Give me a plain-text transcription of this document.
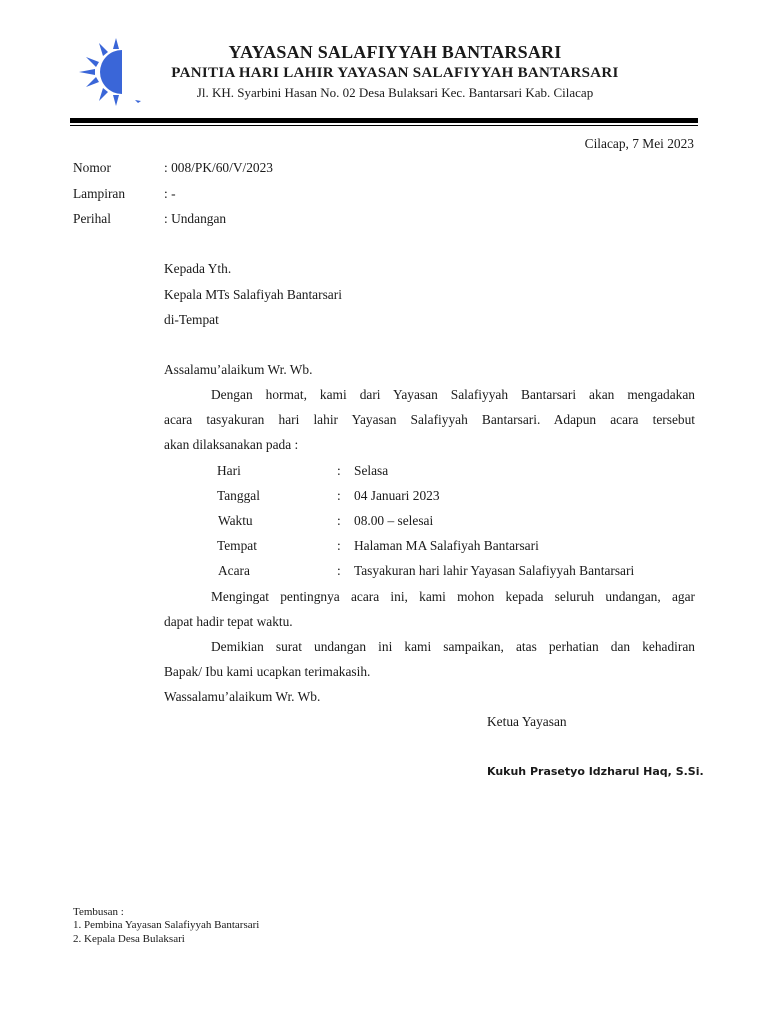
YAYASAN SALAFIYYAH BANTARSARI
PANITIA HARI LAHIR YAYASAN SALAFIYYAH BANTARSARI
Jl. KH. Syarbini Hasan No. 02 Desa Bulaksari Kec. Bantarsari Kab. Cilacap
Cilacap, 7 Mei 2023
Nomor	: 008/PK/60/V/2023
Lampiran	: -
Perihal	: Undangan
Kepada Yth.
Kepala MTs Salafiyah Bantarsari
di-Tempat
Assalamu’alaikum Wr. Wb.
Dengan hormat, kami dari Yayasan Salafiyyah Bantarsari akan mengadakan
acara tasyakuran hari lahir Yayasan Salafiyyah Bantarsari. Adapun acara tersebut
akan dilaksanakan pada :
Hari	: Selasa
Tanggal	: 04 Januari 2023
Waktu	: 08.00 – selesai
Tempat	: Halaman MA Salafiyah Bantarsari
Acara	: Tasyakuran hari lahir Yayasan Salafiyyah Bantarsari
Mengingat pentingnya acara ini, kami mohon kepada seluruh undangan, agar
dapat hadir tepat waktu.
Demikian surat undangan ini kami sampaikan, atas perhatian dan kehadiran
Bapak/ Ibu kami ucapkan terimakasih.
Wassalamu’alaikum Wr. Wb.
Ketua Yayasan
Kukuh Prasetyo Idzharul Haq, S.Si.
Tembusan :
1. Pembina Yayasan Salafiyyah Bantarsari
2. Kepala Desa Bulaksari
